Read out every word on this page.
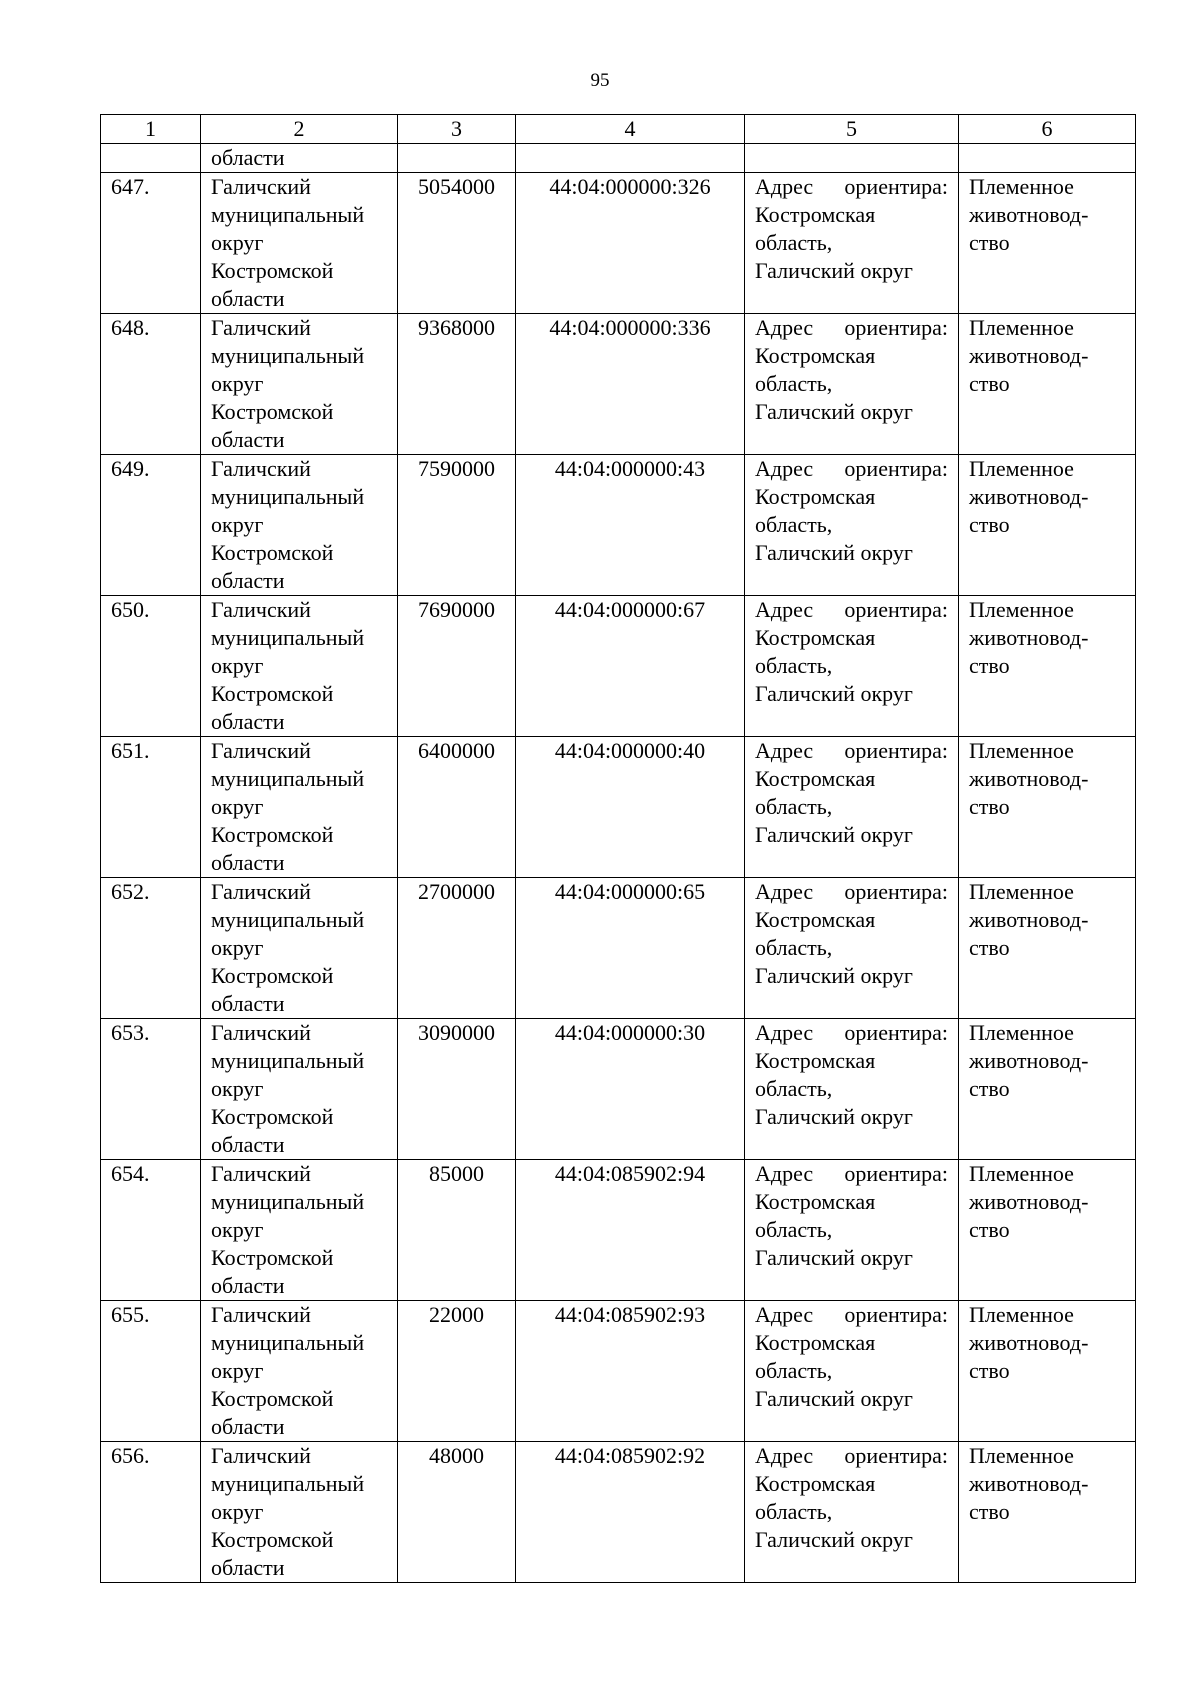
95
1	2	3	4	5	6
	области				
647.	Галичский
муниципальный
округ
Костромской
области	5054000	44:04:000000:326	Адрес ориентира:
Костромская
область,
Галичский округ	Племенное
животновод-
ство

648.	Галичский
муниципальный
округ
Костромской
области	9368000	44:04:000000:336	Адрес ориентира:
Костромская
область,
Галичский округ	Племенное
животновод-
ство

649.	Галичский
муниципальный
округ
Костромской
области	7590000	44:04:000000:43	Адрес ориентира:
Костромская
область,
Галичский округ	Племенное
животновод-
ство

650.	Галичский
муниципальный
округ
Костромской
области	7690000	44:04:000000:67	Адрес ориентира:
Костромская
область,
Галичский округ	Племенное
животновод-
ство

651.	Галичский
муниципальный
округ
Костромской
области	6400000	44:04:000000:40	Адрес ориентира:
Костромская
область,
Галичский округ	Племенное
животновод-
ство

652.	Галичский
муниципальный
округ
Костромской
области	2700000	44:04:000000:65	Адрес ориентира:
Костромская
область,
Галичский округ	Племенное
животновод-
ство

653.	Галичский
муниципальный
округ
Костромской
области	3090000	44:04:000000:30	Адрес ориентира:
Костромская
область,
Галичский округ	Племенное
животновод-
ство

654.	Галичский
муниципальный
округ
Костромской
области	85000	44:04:085902:94	Адрес ориентира:
Костромская
область,
Галичский округ	Племенное
животновод-
ство

655.	Галичский
муниципальный
округ
Костромской
области	22000	44:04:085902:93	Адрес ориентира:
Костромская
область,
Галичский округ	Племенное
животновод-
ство

656.	Галичский
муниципальный
округ
Костромской
области	48000	44:04:085902:92	Адрес ориентира:
Костромская
область,
Галичский округ	Племенное
животновод-
ство
